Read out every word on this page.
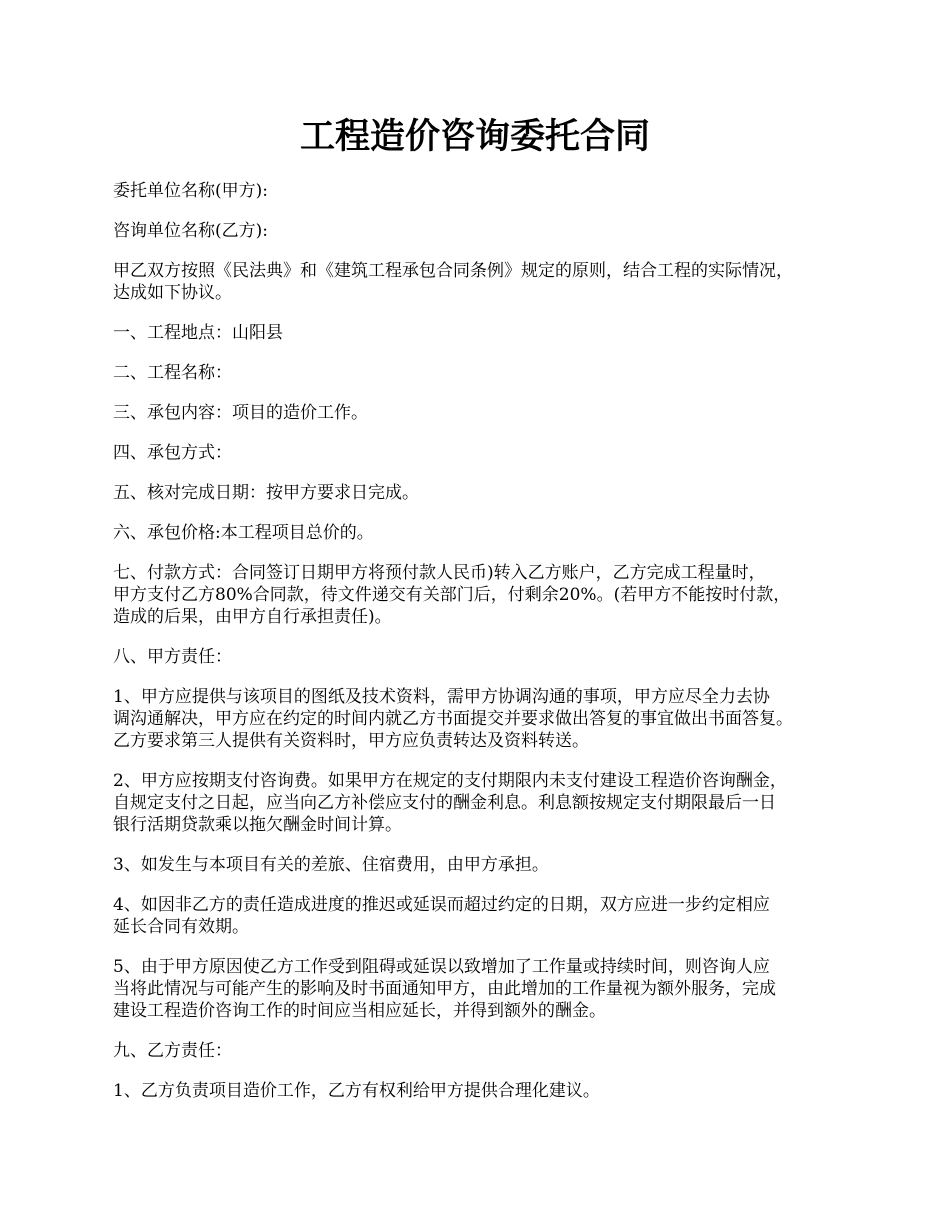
工程造价咨询委托合同
委托单位名称(甲方):
咨询单位名称(乙方):
甲乙双方按照《民法典》和《建筑工程承包合同条例》规定的原则，结合工程的实际情况，
达成如下协议。
一、工程地点：山阳县
二、工程名称：
三、承包内容：项目的造价工作。
四、承包方式：
五、核对完成日期：按甲方要求日完成。
六、承包价格:本工程项目总价的。
七、付款方式：合同签订日期甲方将预付款人民币)转入乙方账户，乙方完成工程量时，
甲方支付乙方80%合同款，待文件递交有关部门后，付剩余20%。(若甲方不能按时付款，
造成的后果，由甲方自行承担责任)。
八、甲方责任：
1、甲方应提供与该项目的图纸及技术资料，需甲方协调沟通的事项，甲方应尽全力去协
调沟通解决，甲方应在约定的时间内就乙方书面提交并要求做出答复的事宜做出书面答复。
乙方要求第三人提供有关资料时，甲方应负责转达及资料转送。
2、甲方应按期支付咨询费。如果甲方在规定的支付期限内未支付建设工程造价咨询酬金，
自规定支付之日起，应当向乙方补偿应支付的酬金利息。利息额按规定支付期限最后一日
银行活期贷款乘以拖欠酬金时间计算。
3、如发生与本项目有关的差旅、住宿费用，由甲方承担。
4、如因非乙方的责任造成进度的推迟或延误而超过约定的日期，双方应进一步约定相应
延长合同有效期。
5、由于甲方原因使乙方工作受到阻碍或延误以致增加了工作量或持续时间，则咨询人应
当将此情况与可能产生的影响及时书面通知甲方，由此增加的工作量视为额外服务，完成
建设工程造价咨询工作的时间应当相应延长，并得到额外的酬金。
九、乙方责任：
1、乙方负责项目造价工作，乙方有权利给甲方提供合理化建议。
